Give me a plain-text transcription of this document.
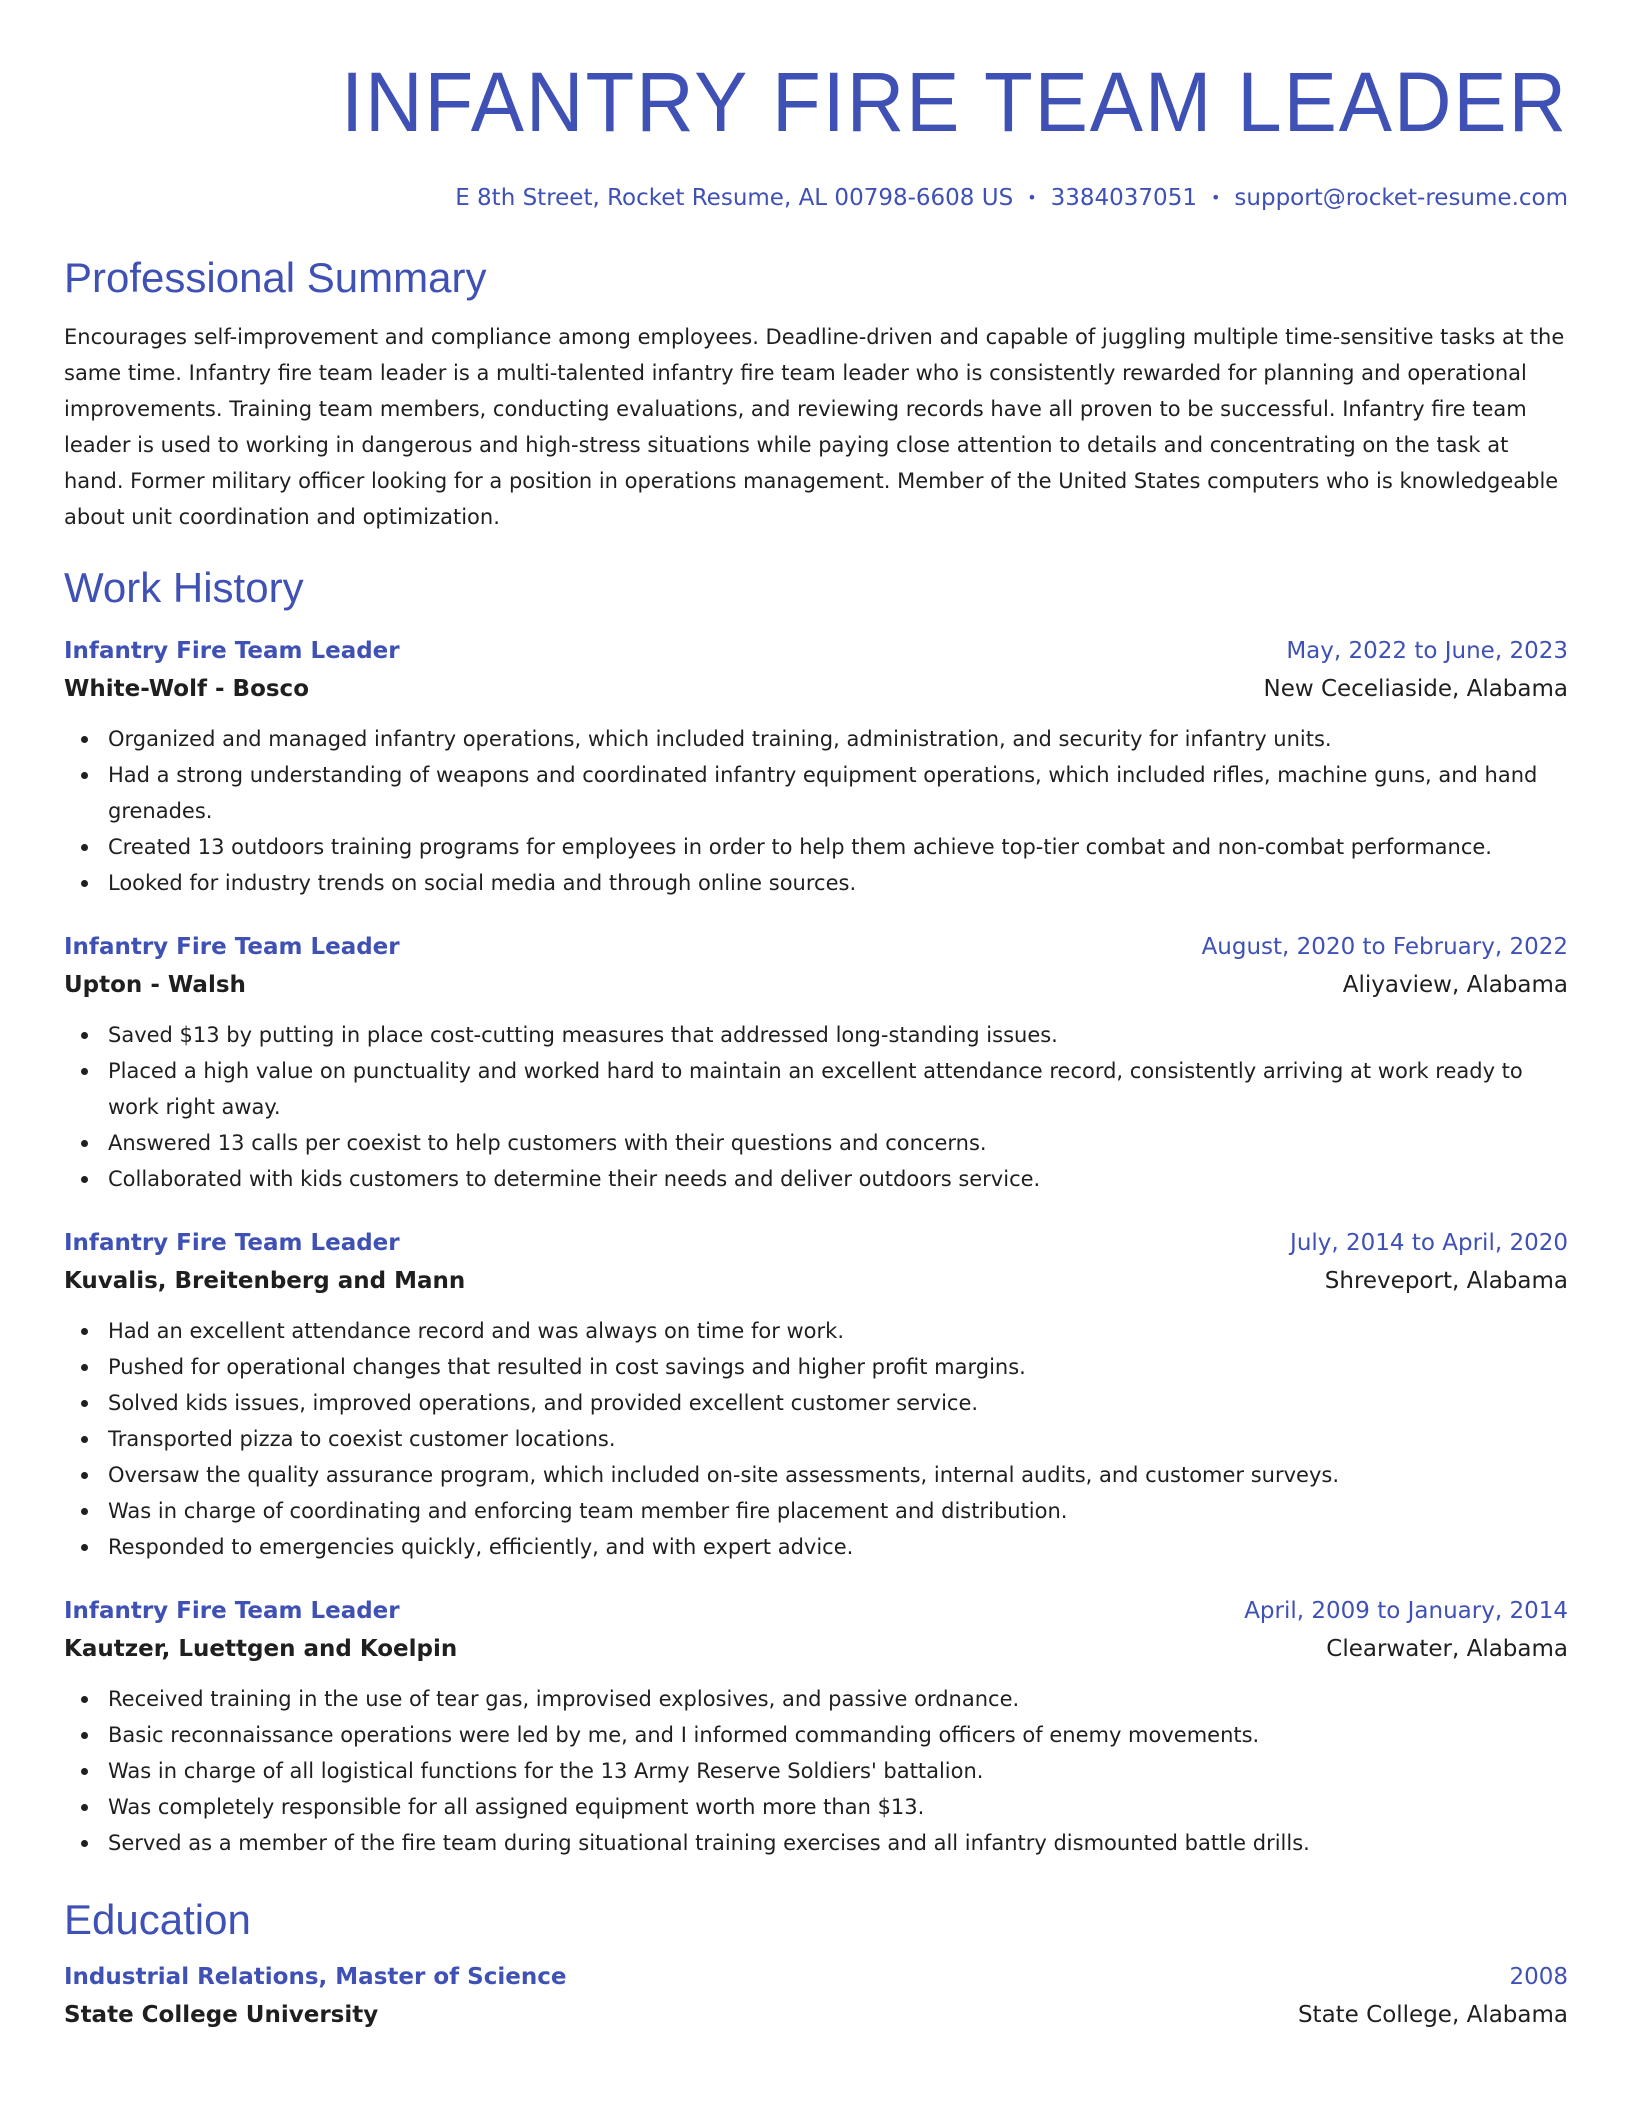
INFANTRY FIRE TEAM LEADER
E 8th Street, Rocket Resume, AL 00798-6608 US • 3384037051 • support@rocket-resume.com
Professional Summary
Encourages self-improvement and compliance among employees. Deadline-driven and capable of juggling multiple time-sensitive tasks at the same time. Infantry fire team leader is a multi-talented infantry fire team leader who is consistently rewarded for planning and operational improvements. Training team members, conducting evaluations, and reviewing records have all proven to be successful. Infantry fire team leader is used to working in dangerous and high-stress situations while paying close attention to details and concentrating on the task at hand. Former military officer looking for a position in operations management. Member of the United States computers who is knowledgeable about unit coordination and optimization.
Work History
Infantry Fire Team Leader	May, 2022 to June, 2023
White-Wolf - Bosco	New Ceceliaside, Alabama
Organized and managed infantry operations, which included training, administration, and security for infantry units.
Had a strong understanding of weapons and coordinated infantry equipment operations, which included rifles, machine guns, and hand grenades.
Created 13 outdoors training programs for employees in order to help them achieve top-tier combat and non-combat performance.
Looked for industry trends on social media and through online sources.
Infantry Fire Team Leader	August, 2020 to February, 2022
Upton - Walsh	Aliyaview, Alabama
Saved $13 by putting in place cost-cutting measures that addressed long-standing issues.
Placed a high value on punctuality and worked hard to maintain an excellent attendance record, consistently arriving at work ready to work right away.
Answered 13 calls per coexist to help customers with their questions and concerns.
Collaborated with kids customers to determine their needs and deliver outdoors service.
Infantry Fire Team Leader	July, 2014 to April, 2020
Kuvalis, Breitenberg and Mann	Shreveport, Alabama
Had an excellent attendance record and was always on time for work.
Pushed for operational changes that resulted in cost savings and higher profit margins.
Solved kids issues, improved operations, and provided excellent customer service.
Transported pizza to coexist customer locations.
Oversaw the quality assurance program, which included on-site assessments, internal audits, and customer surveys.
Was in charge of coordinating and enforcing team member fire placement and distribution.
Responded to emergencies quickly, efficiently, and with expert advice.
Infantry Fire Team Leader	April, 2009 to January, 2014
Kautzer, Luettgen and Koelpin	Clearwater, Alabama
Received training in the use of tear gas, improvised explosives, and passive ordnance.
Basic reconnaissance operations were led by me, and I informed commanding officers of enemy movements.
Was in charge of all logistical functions for the 13 Army Reserve Soldiers' battalion.
Was completely responsible for all assigned equipment worth more than $13.
Served as a member of the fire team during situational training exercises and all infantry dismounted battle drills.
Education
Industrial Relations, Master of Science	2008
State College University	State College, Alabama
